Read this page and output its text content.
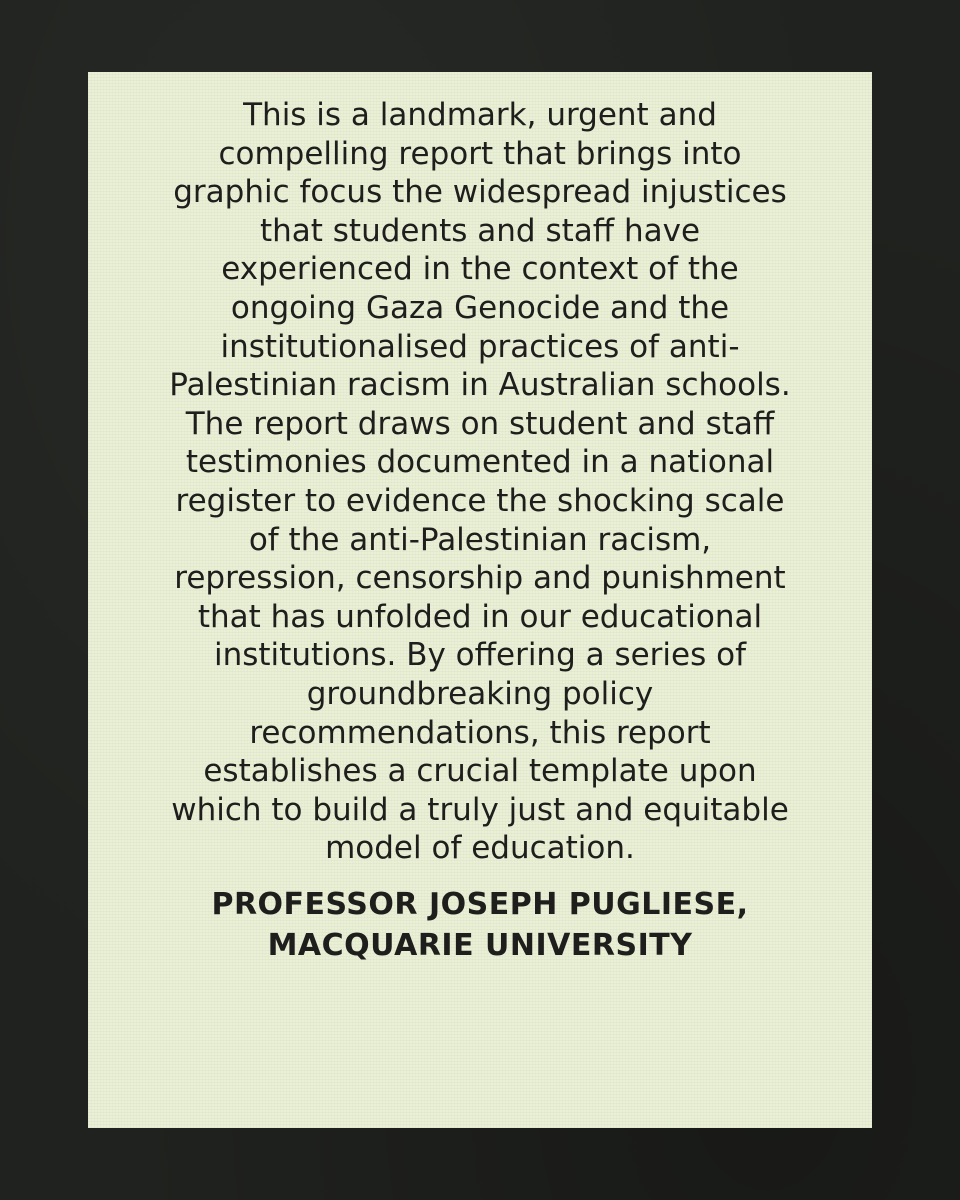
This is a landmark, urgent and
compelling report that brings into
graphic focus the widespread injustices
that students and staff have
experienced in the context of the
ongoing Gaza Genocide and the
institutionalised practices of anti-
Palestinian racism in Australian schools.
The report draws on student and staff
testimonies documented in a national
register to evidence the shocking scale
of the anti-Palestinian racism,
repression, censorship and punishment
that has unfolded in our educational
institutions. By offering a series of
groundbreaking policy
recommendations, this report
establishes a crucial template upon
which to build a truly just and equitable
model of education.
PROFESSOR JOSEPH PUGLIESE,
MACQUARIE UNIVERSITY
